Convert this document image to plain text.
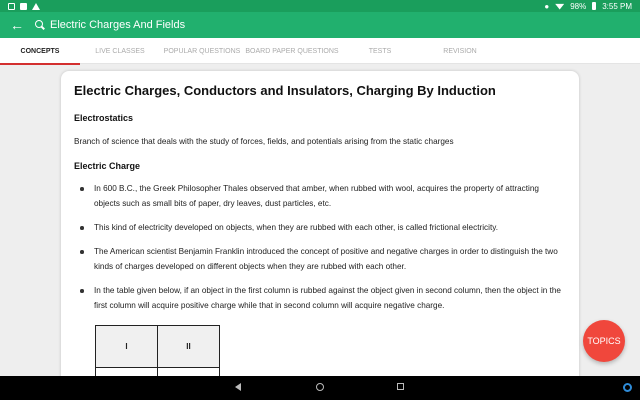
●	98% 3:55 PM
← Electric Charges And Fields
CONCEPTS	LIVE CLASSES	POPULAR QUESTIONS BOARD PAPER QUESTIONS	TESTS	REVISION
Electric Charges, Conductors and Insulators, Charging By Induction
Electrostatics
Branch of science that deals with the study of forces, fields, and potentials arising from the static charges
Electric Charge
In 600 B.C., the Greek Philosopher Thales observed that amber, when rubbed with wool, acquires the property of attracting objects such as small bits of paper, dry leaves, dust particles, etc.
This kind of electricity developed on objects, when they are rubbed with each other, is called frictional electricity.
The American scientist Benjamin Franklin introduced the concept of positive and negative charges in order to distinguish the two kinds of charges developed on different objects when they are rubbed with each other.
In the table given below, if an object in the first column is rubbed against the object given in second column, then the object in the first column will acquire positive charge while that in second column will acquire negative charge.
I	II

TOPICS
